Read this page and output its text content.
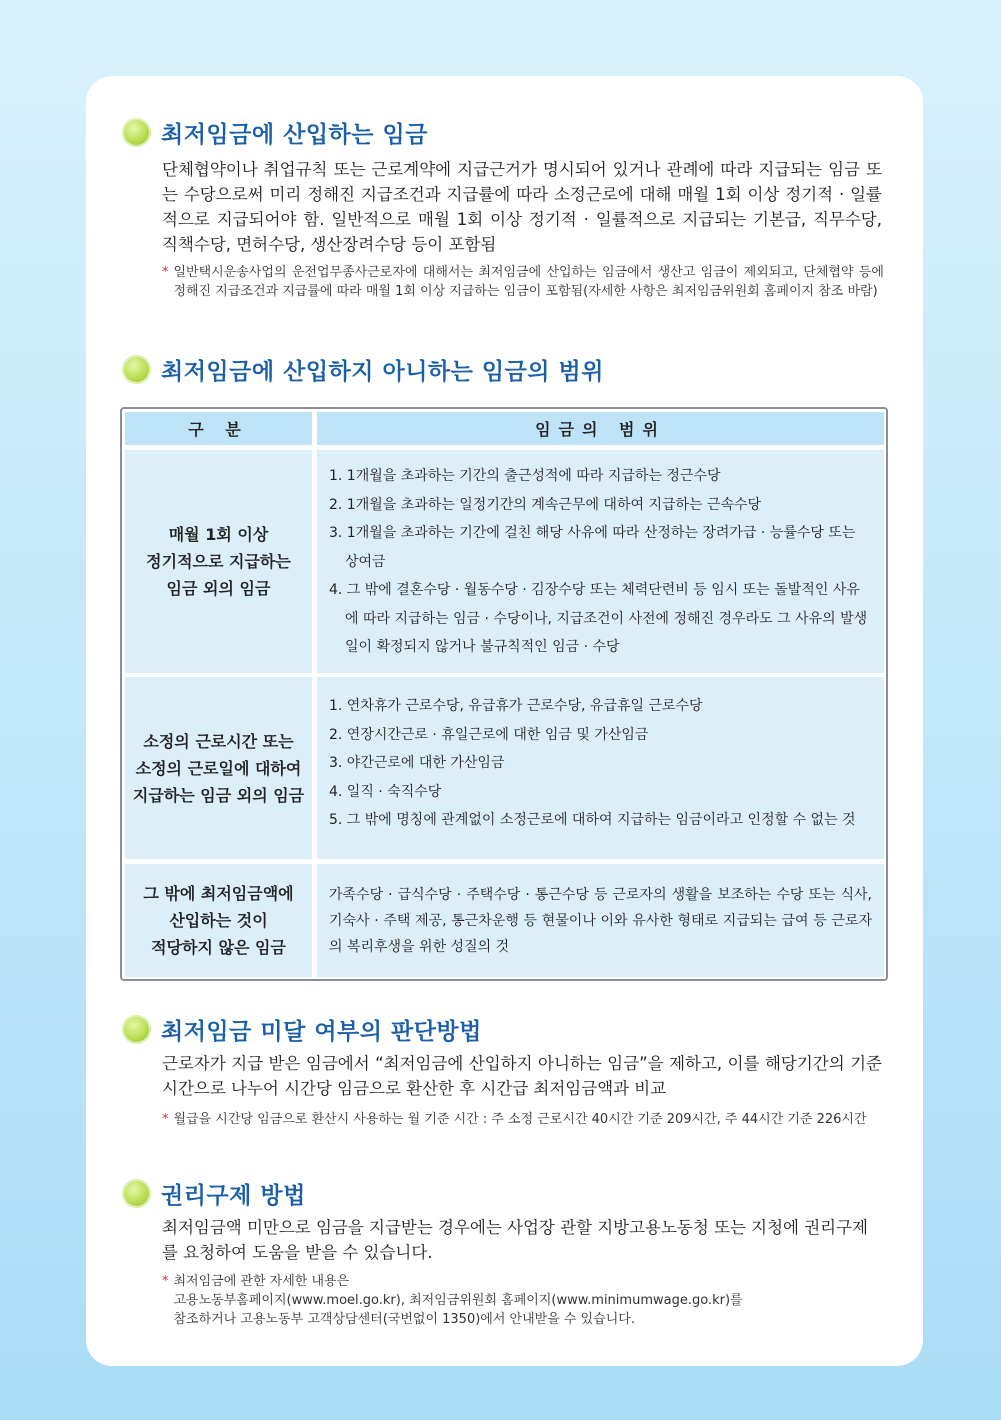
최저임금에 산입하는 임금
단체협약이나 취업규칙 또는 근로계약에 지급근거가 명시되어 있거나 관례에 따라 지급되는 임금 또는 수당으로써 미리 정해진 지급조건과 지급률에 따라 소정근로에 대해 매월 1회 이상 정기적 · 일률적으로 지급되어야 함. 일반적으로 매월 1회 이상 정기적 · 일률적으로 지급되는 기본급, 직무수당, 직책수당, 면허수당, 생산장려수당 등이 포함됨
* 일반택시운송사업의 운전업무종사근로자에 대해서는 최저임금에 산입하는 임금에서 생산고 임금이 제외되고, 단체협약 등에 정해진 지급조건과 지급률에 따라 매월 1회 이상 지급하는 임금이 포함됨(자세한 사항은 최저임금위원회 홈페이지 참조 바람)
최저임금에 산입하지 아니하는 임금의 범위
구 분	임금의 범위
매월 1회 이상
정기적으로 지급하는
임금 외의 임금
1. 1개월을 초과하는 기간의 출근성적에 따라 지급하는 정근수당
2. 1개월을 초과하는 일정기간의 계속근무에 대하여 지급하는 근속수당
3. 1개월을 초과하는 기간에 걸친 해당 사유에 따라 산정하는 장려가급 · 능률수당 또는 상여금
4. 그 밖에 결혼수당 · 월동수당 · 김장수당 또는 체력단련비 등 임시 또는 돌발적인 사유에 따라 지급하는 임금 · 수당이나, 지급조건이 사전에 정해진 경우라도 그 사유의 발생일이 확정되지 않거나 불규칙적인 임금 · 수당
소정의 근로시간 또는
소정의 근로일에 대하여
지급하는 임금 외의 임금
1. 연차휴가 근로수당, 유급휴가 근로수당, 유급휴일 근로수당
2. 연장시간근로 · 휴일근로에 대한 임금 및 가산임금
3. 야간근로에 대한 가산임금
4. 일직 · 숙직수당
5. 그 밖에 명칭에 관계없이 소정근로에 대하여 지급하는 임금이라고 인정할 수 없는 것
그 밖에 최저임금액에
산입하는 것이
적당하지 않은 임금
가족수당 · 급식수당 · 주택수당 · 통근수당 등 근로자의 생활을 보조하는 수당 또는 식사, 기숙사 · 주택 제공, 통근차운행 등 현물이나 이와 유사한 형태로 지급되는 급여 등 근로자의 복리후생을 위한 성질의 것
최저임금 미달 여부의 판단방법
근로자가 지급 받은 임금에서 “최저임금에 산입하지 아니하는 임금”을 제하고, 이를 해당기간의 기준시간으로 나누어 시간당 임금으로 환산한 후 시간급 최저임금액과 비교
* 월급을 시간당 임금으로 환산시 사용하는 월 기준 시간 : 주 소정 근로시간 40시간 기준 209시간, 주 44시간 기준 226시간
권리구제 방법
최저임금액 미만으로 임금을 지급받는 경우에는 사업장 관할 지방고용노동청 또는 지청에 권리구제를 요청하여 도움을 받을 수 있습니다.
* 최저임금에 관한 자세한 내용은
고용노동부홈페이지(www.moel.go.kr), 최저임금위원회 홈페이지(www.minimumwage.go.kr)를
참조하거나 고용노동부 고객상담센터(국번없이 1350)에서 안내받을 수 있습니다.
